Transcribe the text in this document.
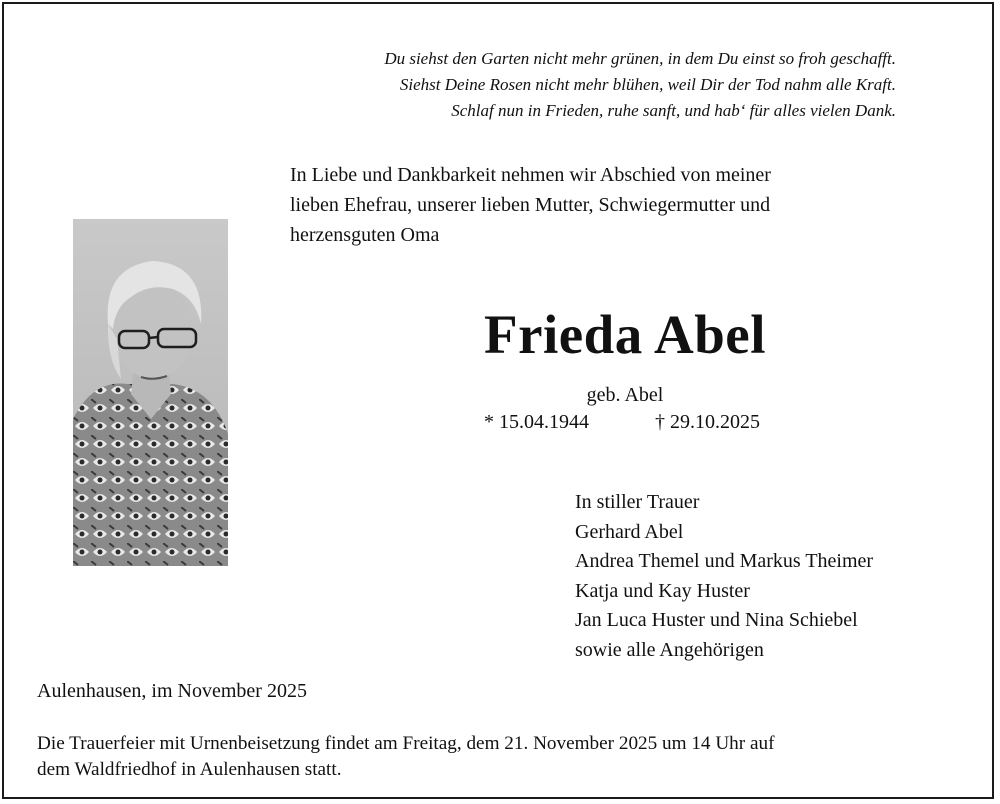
Du siehst den Garten nicht mehr grünen, in dem Du einst so froh geschafft.
Siehst Deine Rosen nicht mehr blühen, weil Dir der Tod nahm alle Kraft.
Schlaf nun in Frieden, ruhe sanft, und hab‘ für alles vielen Dank.
In Liebe und Dankbarkeit nehmen wir Abschied von meiner
lieben Ehefrau, unserer lieben Mutter, Schwiegermutter und
herzensguten Oma
Frieda Abel
geb. Abel
* 15.04.1944	† 29.10.2025
In stiller Trauer
Gerhard Abel
Andrea Themel und Markus Theimer
Katja und Kay Huster
Jan Luca Huster und Nina Schiebel
sowie alle Angehörigen
Aulenhausen, im November 2025
Die Trauerfeier mit Urnenbeisetzung findet am Freitag, dem 21. November 2025 um 14 Uhr auf
dem Waldfriedhof in Aulenhausen statt.
